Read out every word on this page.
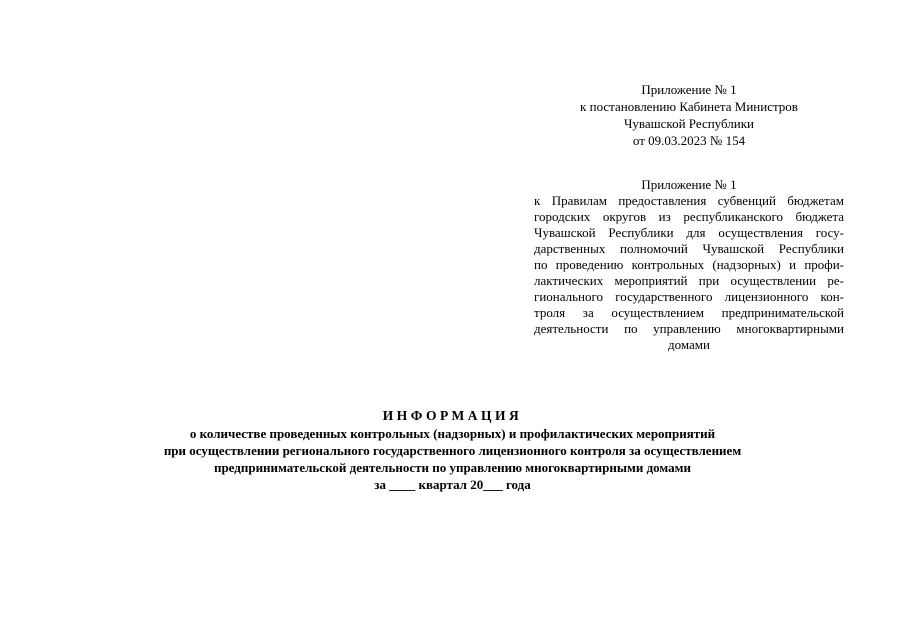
Приложение № 1
к постановлению Кабинета Министров
Чувашской Республики
от 09.03.2023 № 154
Приложение № 1
к Правилам предоставления субвенций бюджетам
городских округов из республиканского бюджета
Чувашской Республики для осуществления госу-
дарственных полномочий Чувашской Республики
по проведению контрольных (надзорных) и профи-
лактических мероприятий при осуществлении ре-
гионального государственного лицензионного кон-
троля за осуществлением предпринимательской
деятельности по управлению многоквартирными
домами
ИНФОРМАЦИЯ
о количестве проведенных контрольных (надзорных) и профилактических мероприятий
при осуществлении регионального государственного лицензионного контроля за осуществлением
предпринимательской деятельности по управлению многоквартирными домами
за ____ квартал 20___ года
